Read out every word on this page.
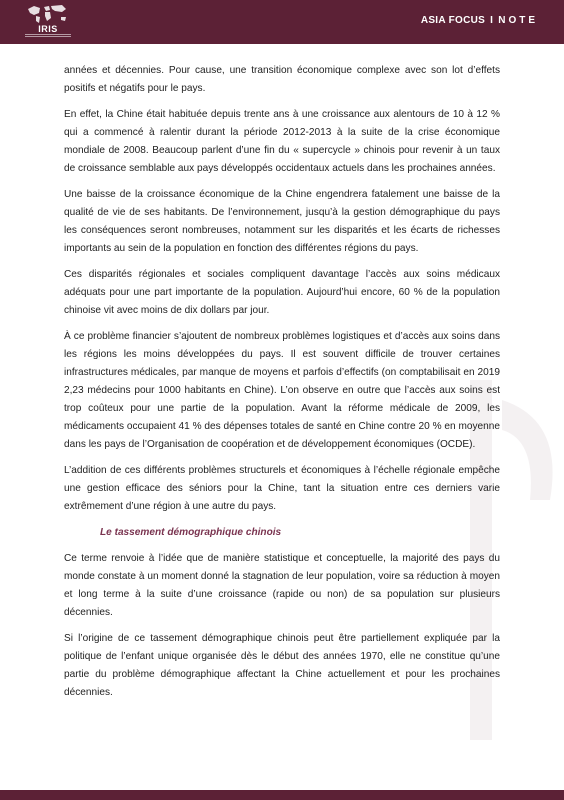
IRIS
ASIA FOCUS I NOTE

années et décennies. Pour cause, une transition économique complexe avec son lot d’effets positifs et négatifs pour le pays.

En effet, la Chine était habituée depuis trente ans à une croissance aux alentours de 10 à 12 % qui a commencé à ralentir durant la période 2012-2013 à la suite de la crise économique mondiale de 2008. Beaucoup parlent d’une fin du « supercycle » chinois pour revenir à un taux de croissance semblable aux pays développés occidentaux actuels dans les prochaines années.

Une baisse de la croissance économique de la Chine engendrera fatalement une baisse de la qualité de vie de ses habitants. De l’environnement, jusqu’à la gestion démographique du pays les conséquences seront nombreuses, notamment sur les disparités et les écarts de richesses importants au sein de la population en fonction des différentes régions du pays.

Ces disparités régionales et sociales compliquent davantage l’accès aux soins médicaux adéquats pour une part importante de la population. Aujourd’hui encore, 60 % de la population chinoise vit avec moins de dix dollars par jour.

À ce problème financier s’ajoutent de nombreux problèmes logistiques et d’accès aux soins dans les régions les moins développées du pays. Il est souvent difficile de trouver certaines infrastructures médicales, par manque de moyens et parfois d’effectifs (on comptabilisait en 2019 2,23 médecins pour 1000 habitants en Chine). L’on observe en outre que l’accès aux soins est trop coûteux pour une partie de la population. Avant la réforme médicale de 2009, les médicaments occupaient 41 % des dépenses totales de santé en Chine contre 20 % en moyenne dans les pays de l’Organisation de coopération et de développement économiques (OCDE).

L’addition de ces différents problèmes structurels et économiques à l’échelle régionale empêche une gestion efficace des séniors pour la Chine, tant la situation entre ces derniers varie extrêmement d’une région à une autre du pays.

Le tassement démographique chinois

Ce terme renvoie à l’idée que de manière statistique et conceptuelle, la majorité des pays du monde constate à un moment donné la stagnation de leur population, voire sa réduction à moyen et long terme à la suite d’une croissance (rapide ou non) de sa population sur plusieurs décennies.

Si l’origine de ce tassement démographique chinois peut être partiellement expliquée par la politique de l’enfant unique organisée dès le début des années 1970, elle ne constitue qu’une partie du problème démographique affectant la Chine actuellement et pour les prochaines décennies.
